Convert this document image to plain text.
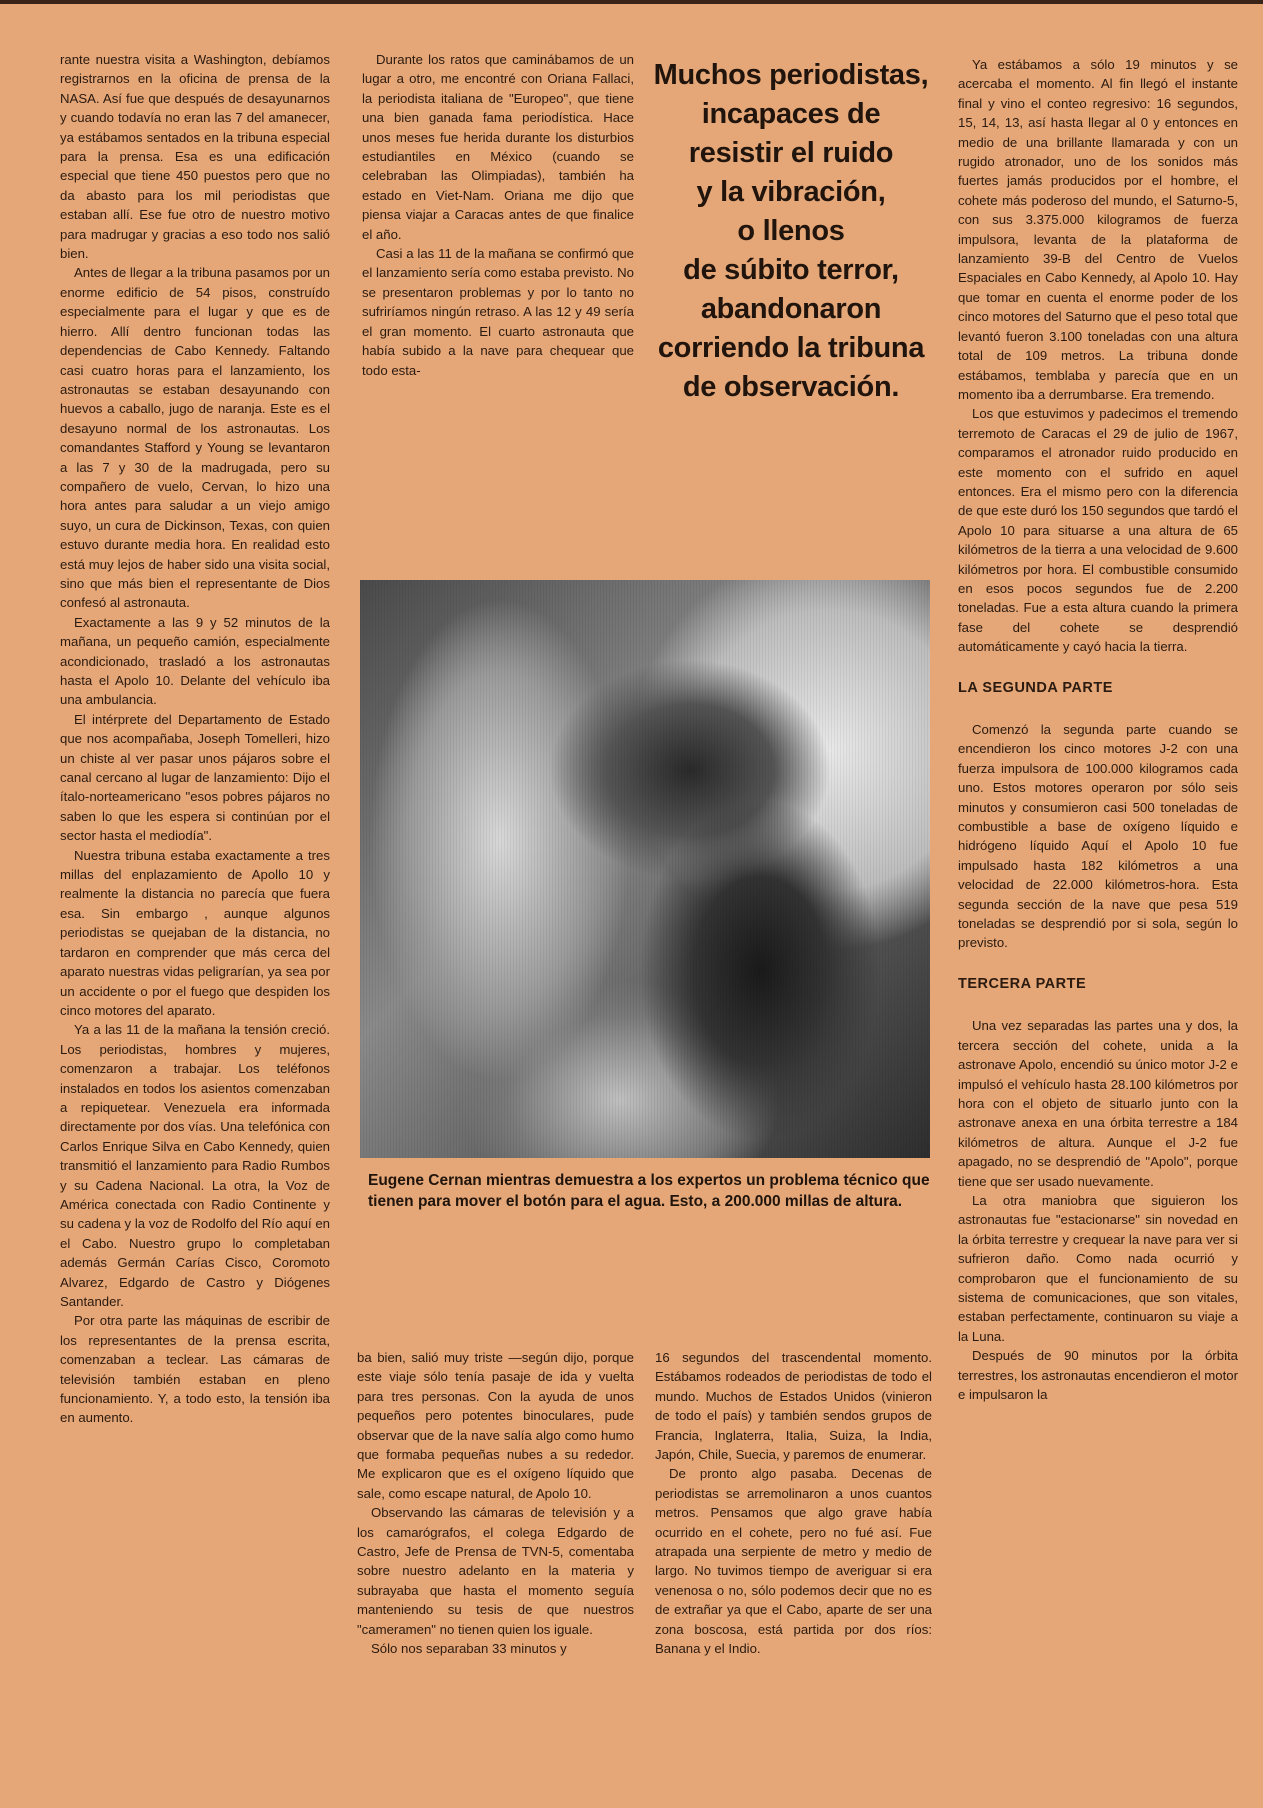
rante nuestra visita a Washington, debíamos registrarnos en la oficina de prensa de la NASA. Así fue que después de desayunarnos y cuando todavía no eran las 7 del amanecer, ya estábamos sentados en la tribuna especial para la prensa. Esa es una edificación especial que tiene 450 puestos pero que no da abasto para los mil periodistas que estaban allí. Ese fue otro de nuestro motivo para madrugar y gracias a eso todo nos salió bien.

Antes de llegar a la tribuna pasamos por un enorme edificio de 54 pisos, construído especialmente para el lugar y que es de hierro. Allí dentro funcionan todas las dependencias de Cabo Kennedy. Faltando casi cuatro horas para el lanzamiento, los astronautas se estaban desayunando con huevos a caballo, jugo de naranja. Este es el desayuno normal de los astronautas. Los comandantes Stafford y Young se levantaron a las 7 y 30 de la madrugada, pero su compañero de vuelo, Cervan, lo hizo una hora antes para saludar a un viejo amigo suyo, un cura de Dickinson, Texas, con quien estuvo durante media hora. En realidad esto está muy lejos de haber sido una visita social, sino que más bien el representante de Dios confesó al astronauta.

Exactamente a las 9 y 52 minutos de la mañana, un pequeño camión, especialmente acondicionado, trasladó a los astronautas hasta el Apolo 10. Delante del vehículo iba una ambulancia.

El intérprete del Departamento de Estado que nos acompañaba, Joseph Tomelleri, hizo un chiste al ver pasar unos pájaros sobre el canal cercano al lugar de lanzamiento: Dijo el ítalo-norteamericano "esos pobres pájaros no saben lo que les espera si continúan por el sector hasta el mediodía".

Nuestra tribuna estaba exactamente a tres millas del enplazamiento de Apollo 10 y realmente la distancia no parecía que fuera esa. Sin embargo , aunque algunos periodistas se quejaban de la distancia, no tardaron en comprender que más cerca del aparato nuestras vidas peligrarían, ya sea por un accidente o por el fuego que despiden los cinco motores del aparato.

Ya a las 11 de la mañana la tensión creció. Los periodistas, hombres y mujeres, comenzaron a trabajar. Los teléfonos instalados en todos los asientos comenzaban a repiquetear. Venezuela era informada directamente por dos vías. Una telefónica con Carlos Enrique Silva en Cabo Kennedy, quien transmitió el lanzamiento para Radio Rumbos y su Cadena Nacional. La otra, la Voz de América conectada con Radio Continente y su cadena y la voz de Rodolfo del Río aquí en el Cabo. Nuestro grupo lo completaban además Germán Carías Cisco, Coromoto Alvarez, Edgardo de Castro y Diógenes Santander.

Por otra parte las máquinas de escribir de los representantes de la prensa escrita, comenzaban a teclear. Las cámaras de televisión también estaban en pleno funcionamiento. Y, a todo esto, la tensión iba en aumento.

Durante los ratos que caminábamos de un lugar a otro, me encontré con Oriana Fallaci, la periodista italiana de "Europeo", que tiene una bien ganada fama periodística. Hace unos meses fue herida durante los disturbios estudiantiles en México (cuando se celebraban las Olimpiadas), también ha estado en Viet-Nam. Oriana me dijo que piensa viajar a Caracas antes de que finalice el año.

Casi a las 11 de la mañana se confirmó que el lanzamiento sería como estaba previsto. No se presentaron problemas y por lo tanto no sufriríamos ningún retraso. A las 12 y 49 sería el gran momento. El cuarto astronauta que había subido a la nave para chequear que todo esta-

Muchos periodistas,
incapaces de
resistir el ruido
y la vibración,
o llenos
de súbito terror,
abandonaron
corriendo la tribuna
de observación.
Eugene Cernan mientras demuestra a los expertos un problema técnico que tienen para mover el botón para el agua. Esto, a 200.000 millas de altura.

ba bien, salió muy triste —según dijo, porque este viaje sólo tenía pasaje de ida y vuelta para tres personas. Con la ayuda de unos pequeños pero potentes binoculares, pude observar que de la nave salía algo como humo que formaba pequeñas nubes a su rededor. Me explicaron que es el oxígeno líquido que sale, como escape natural, de Apolo 10.

Observando las cámaras de televisión y a los camarógrafos, el colega Edgardo de Castro, Jefe de Prensa de TVN-5, comentaba sobre nuestro adelanto en la materia y subrayaba que hasta el momento seguía manteniendo su tesis de que nuestros "cameramen" no tienen quien los iguale.

Sólo nos separaban 33 minutos y

16 segundos del trascendental momento. Estábamos rodeados de periodistas de todo el mundo. Muchos de Estados Unidos (vinieron de todo el país) y también sendos grupos de Francia, Inglaterra, Italia, Suiza, la India, Japón, Chile, Suecia, y paremos de enumerar.

De pronto algo pasaba. Decenas de periodistas se arremolinaron a unos cuantos metros. Pensamos que algo grave había ocurrido en el cohete, pero no fué así. Fue atrapada una serpiente de metro y medio de largo. No tuvimos tiempo de averiguar si era venenosa o no, sólo podemos decir que no es de extrañar ya que el Cabo, aparte de ser una zona boscosa, está partida por dos ríos: Banana y el Indio.

Ya estábamos a sólo 19 minutos y se acercaba el momento. Al fin llegó el instante final y vino el conteo regresivo: 16 segundos, 15, 14, 13, así hasta llegar al 0 y entonces en medio de una brillante llamarada y con un rugido atronador, uno de los sonidos más fuertes jamás producidos por el hombre, el cohete más poderoso del mundo, el Saturno-5, con sus 3.375.000 kilogramos de fuerza impulsora, levanta de la plataforma de lanzamiento 39-B del Centro de Vuelos Espaciales en Cabo Kennedy, al Apolo 10. Hay que tomar en cuenta el enorme poder de los cinco motores del Saturno que el peso total que levantó fueron 3.100 toneladas con una altura total de 109 metros. La tribuna donde estábamos, temblaba y parecía que en un momento iba a derrumbarse. Era tremendo.

Los que estuvimos y padecimos el tremendo terremoto de Caracas el 29 de julio de 1967, comparamos el atronador ruido producido en este momento con el sufrido en aquel entonces. Era el mismo pero con la diferencia de que este duró los 150 segundos que tardó el Apolo 10 para situarse a una altura de 65 kilómetros de la tierra a una velocidad de 9.600 kilómetros por hora. El combustible consumido en esos pocos segundos fue de 2.200 toneladas. Fue a esta altura cuando la primera fase del cohete se desprendió automáticamente y cayó hacia la tierra.

LA SEGUNDA PARTE

Comenzó la segunda parte cuando se encendieron los cinco motores J-2 con una fuerza impulsora de 100.000 kilogramos cada uno. Estos motores operaron por sólo seis minutos y consumieron casi 500 toneladas de combustible a base de oxígeno líquido e hidrógeno líquido Aquí el Apolo 10 fue impulsado hasta 182 kilómetros a una velocidad de 22.000 kilómetros-hora. Esta segunda sección de la nave que pesa 519 toneladas se desprendió por si sola, según lo previsto.

TERCERA PARTE

Una vez separadas las partes una y dos, la tercera sección del cohete, unida a la astronave Apolo, encendió su único motor J-2 e impulsó el vehículo hasta 28.100 kilómetros por hora con el objeto de situarlo junto con la astronave anexa en una órbita terrestre a 184 kilómetros de altura. Aunque el J-2 fue apagado, no se desprendió de "Apolo", porque tiene que ser usado nuevamente.

La otra maniobra que siguieron los astronautas fue "estacionarse" sin novedad en la órbita terrestre y crequear la nave para ver si sufrieron daño. Como nada ocurrió y comprobaron que el funcionamiento de su sistema de comunicaciones, que son vitales, estaban perfectamente, continuaron su viaje a la Luna.

Después de 90 minutos por la órbita terrestres, los astronautas encendieron el motor e impulsaron la
